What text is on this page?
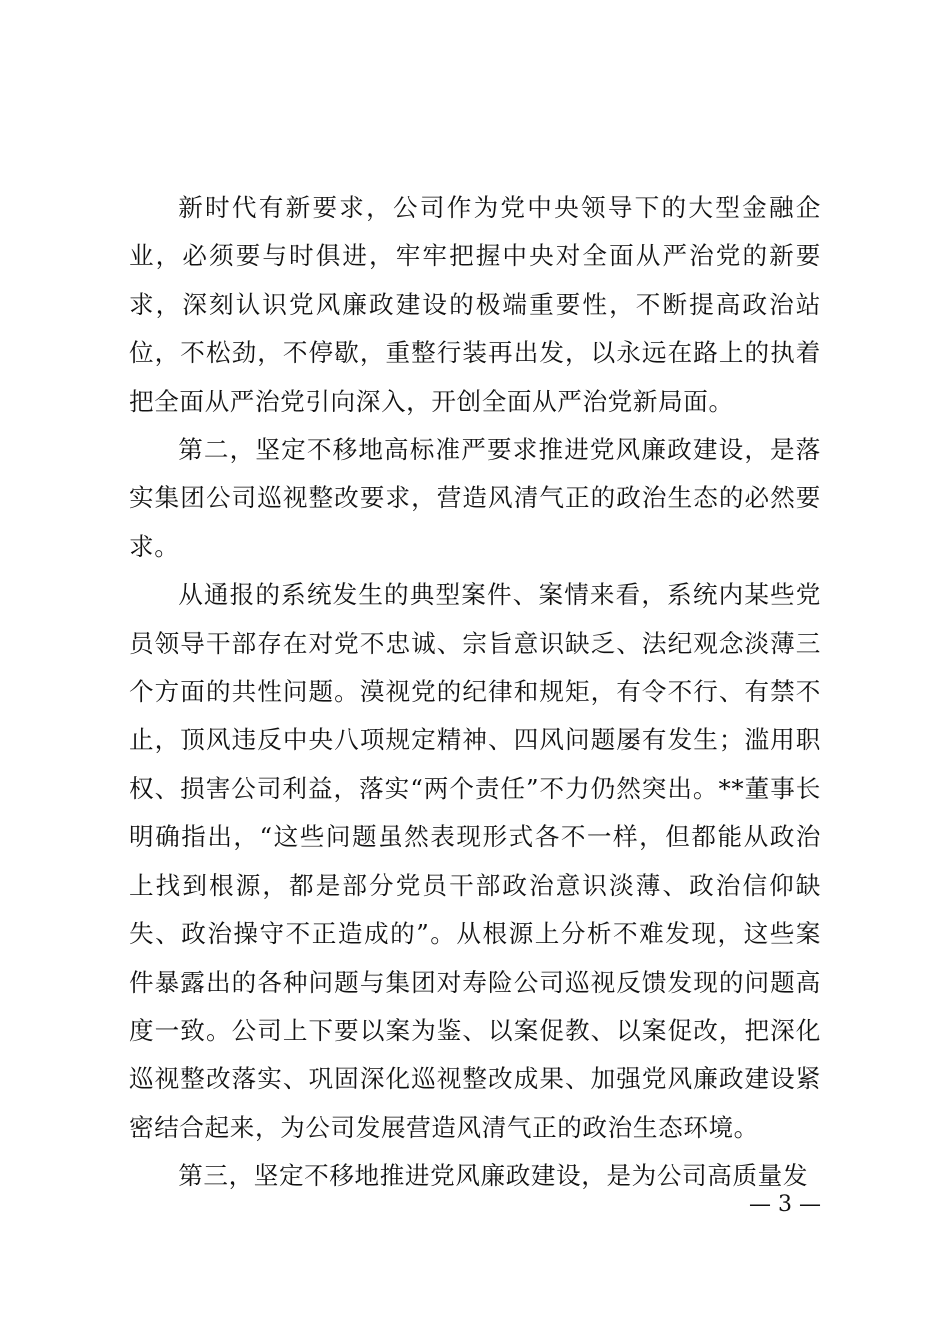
新时代有新要求，公司作为党中央领导下的大型金融企业，必须要与时俱进，牢牢把握中央对全面从严治党的新要求，深刻认识党风廉政建设的极端重要性，不断提高政治站位，不松劲，不停歇，重整行装再出发，以永远在路上的执着把全面从严治党引向深入，开创全面从严治党新局面。

第二，坚定不移地高标准严要求推进党风廉政建设，是落实集团公司巡视整改要求，营造风清气正的政治生态的必然要求。

从通报的系统发生的典型案件、案情来看，系统内某些党员领导干部存在对党不忠诚、宗旨意识缺乏、法纪观念淡薄三个方面的共性问题。漠视党的纪律和规矩，有令不行、有禁不止，顶风违反中央八项规定精神、四风问题屡有发生；滥用职权、损害公司利益，落实“两个责任”不力仍然突出。**董事长明确指出，“这些问题虽然表现形式各不一样，但都能从政治上找到根源，都是部分党员干部政治意识淡薄、政治信仰缺失、政治操守不正造成的”。从根源上分析不难发现，这些案件暴露出的各种问题与集团对寿险公司巡视反馈发现的问题高度一致。公司上下要以案为鉴、以案促教、以案促改，把深化巡视整改落实、巩固深化巡视整改成果、加强党风廉政建设紧密结合起来，为公司发展营造风清气正的政治生态环境。

第三，坚定不移地推进党风廉政建设，是为公司高质量发

— 3 —
